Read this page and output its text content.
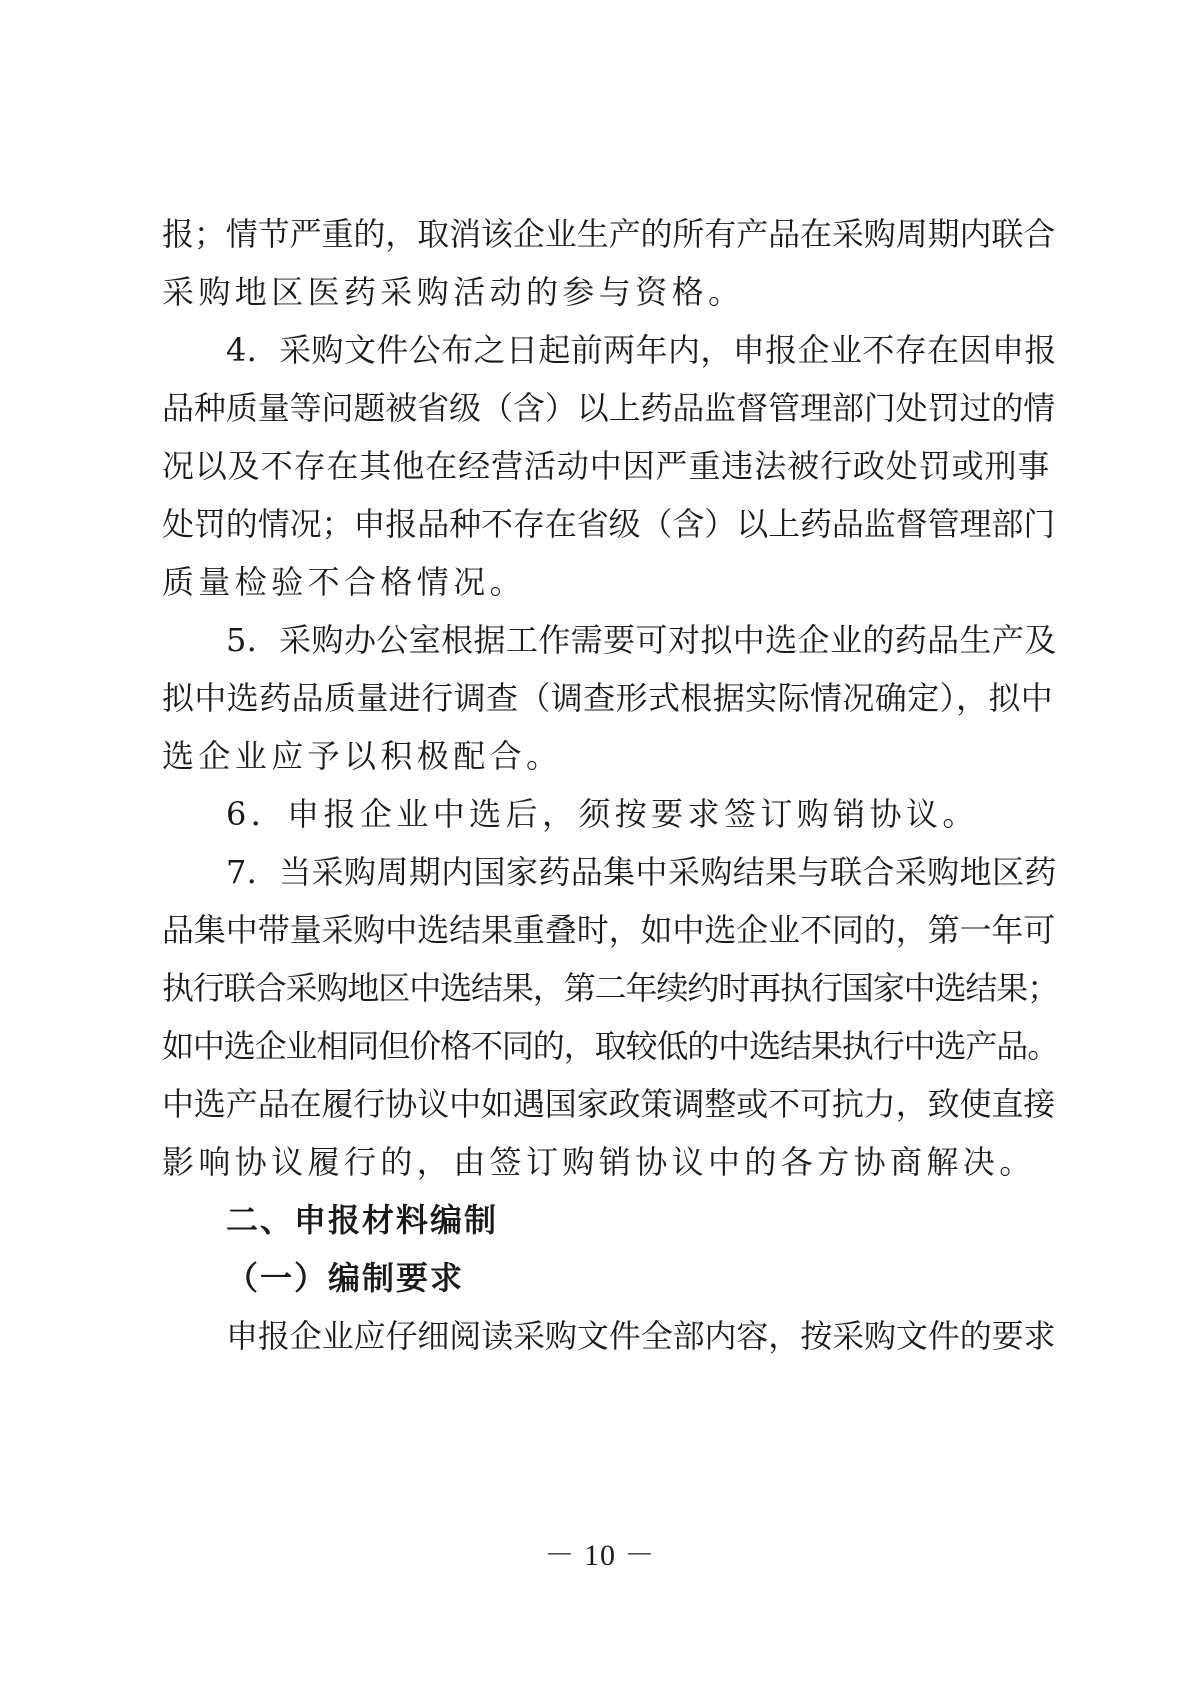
报；情节严重的，取消该企业生产的所有产品在采购周期内联合
采购地区医药采购活动的参与资格。
4．采购文件公布之日起前两年内，申报企业不存在因申报
品种质量等问题被省级（含）以上药品监督管理部门处罚过的情
况以及不存在其他在经营活动中因严重违法被行政处罚或刑事
处罚的情况；申报品种不存在省级（含）以上药品监督管理部门
质量检验不合格情况。
5．采购办公室根据工作需要可对拟中选企业的药品生产及
拟中选药品质量进行调查（调查形式根据实际情况确定），拟中
选企业应予以积极配合。
6．申报企业中选后，须按要求签订购销协议。
7．当采购周期内国家药品集中采购结果与联合采购地区药
品集中带量采购中选结果重叠时，如中选企业不同的，第一年可
执行联合采购地区中选结果，第二年续约时再执行国家中选结果；
如中选企业相同但价格不同的，取较低的中选结果执行中选产品。
中选产品在履行协议中如遇国家政策调整或不可抗力，致使直接
影响协议履行的，由签订购销协议中的各方协商解决。
二、申报材料编制
（一）编制要求
申报企业应仔细阅读采购文件全部内容，按采购文件的要求
－ 10 －
